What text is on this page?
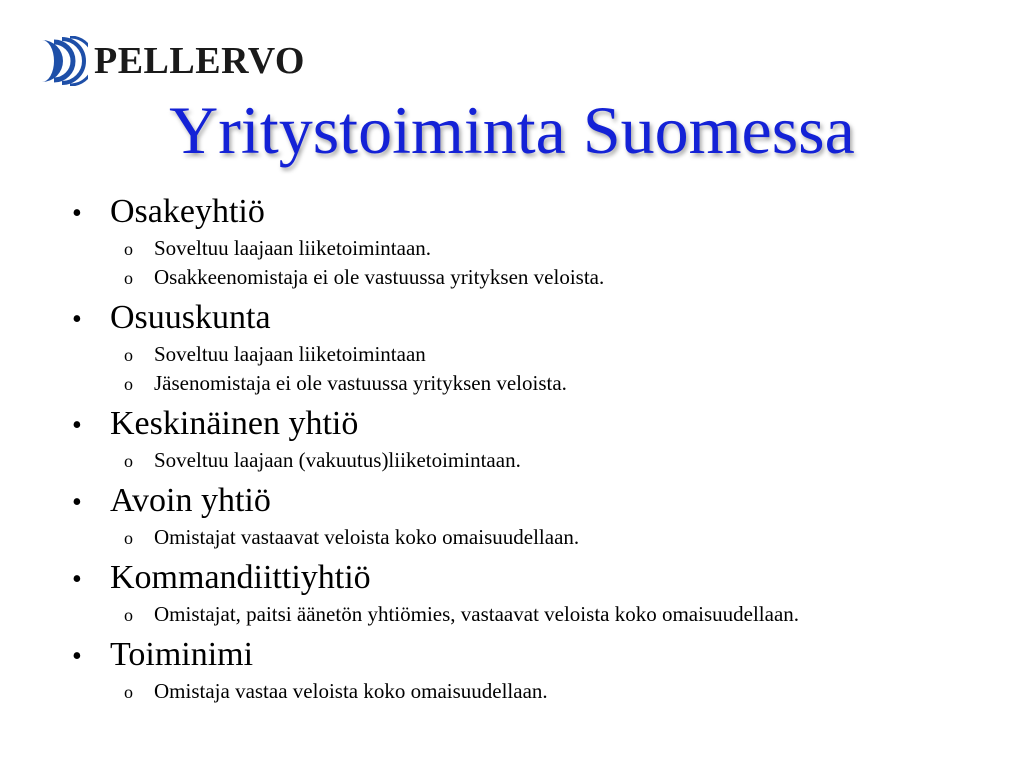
PELLERVO
Yritystoiminta Suomessa
• Osakeyhtiö
o	Soveltuu laajaan liiketoimintaan.
o	Osakkeenomistaja ei ole vastuussa yrityksen veloista.
• Osuuskunta
o	Soveltuu laajaan liiketoimintaan
o	Jäsenomistaja ei ole vastuussa yrityksen veloista.
• Keskinäinen yhtiö
o	Soveltuu laajaan (vakuutus)liiketoimintaan.
• Avoin yhtiö
o	Omistajat vastaavat veloista koko omaisuudellaan.
• Kommandiittiyhtiö
o	Omistajat, paitsi äänetön yhtiömies, vastaavat veloista koko omaisuudellaan.
• Toiminimi
o	Omistaja vastaa veloista koko omaisuudellaan.
